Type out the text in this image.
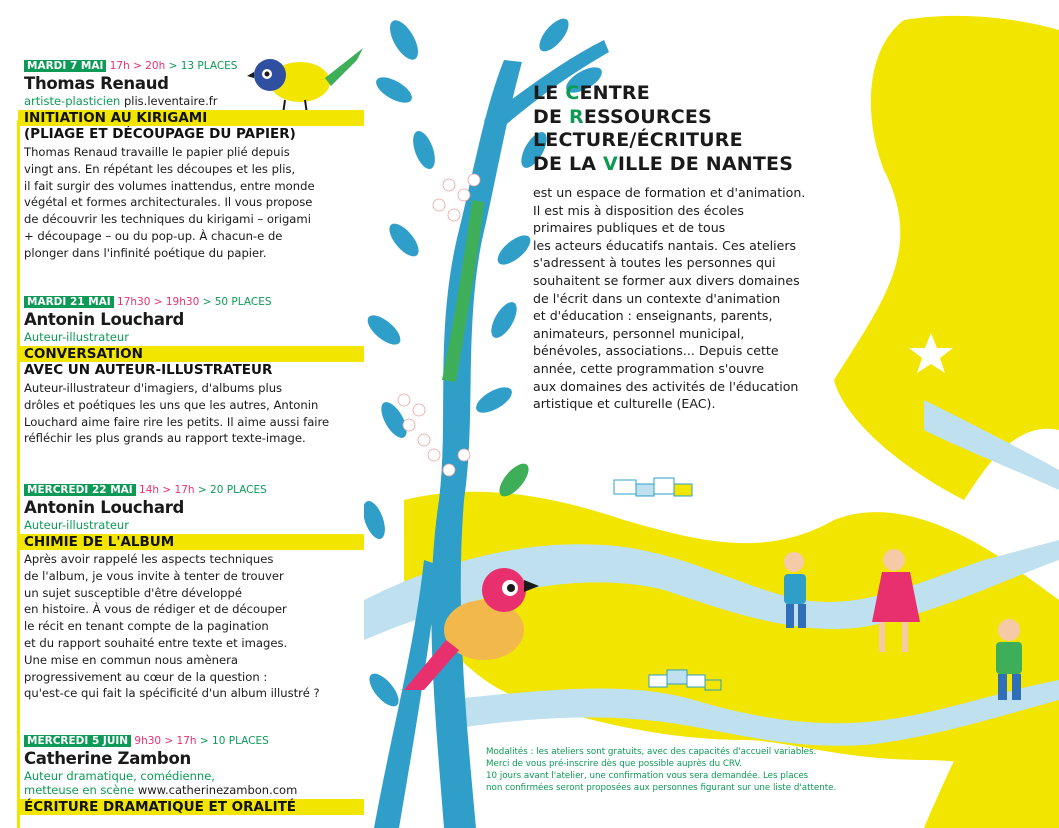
MARDI 7 MAI 17h > 20h > 13 PLACES
Thomas Renaud
artiste-plasticien plis.leventaire.fr
INITIATION AU KIRIGAMI
(PLIAGE ET DÉCOUPAGE DU PAPIER)
Thomas Renaud travaille le papier plié depuis
vingt ans. En répétant les découpes et les plis,
il fait surgir des volumes inattendus, entre monde
végétal et formes architecturales. Il vous propose
de découvrir les techniques du kirigami – origami
+ découpage – ou du pop-up. À chacun-e de
plonger dans l'infinité poétique du papier.
MARDI 21 MAI 17h30 > 19h30 > 50 PLACES
Antonin Louchard
Auteur-illustrateur
CONVERSATION
AVEC UN AUTEUR-ILLUSTRATEUR
Auteur-illustrateur d'imagiers, d'albums plus
drôles et poétiques les uns que les autres, Antonin
Louchard aime faire rire les petits. Il aime aussi faire
réfléchir les plus grands au rapport texte-image.
MERCREDI 22 MAI 14h > 17h > 20 PLACES
Antonin Louchard
Auteur-illustrateur
CHIMIE DE L'ALBUM
Après avoir rappelé les aspects techniques
de l'album, je vous invite à tenter de trouver
un sujet susceptible d'être développé
en histoire. À vous de rédiger et de découper
le récit en tenant compte de la pagination
et du rapport souhaité entre texte et images.
Une mise en commun nous amènera
progressivement au cœur de la question :
qu'est-ce qui fait la spécificité d'un album illustré ?
MERCREDI 5 JUIN 9h30 > 17h > 10 PLACES
Catherine Zambon
Auteur dramatique, comédienne,
metteuse en scène www.catherinezambon.com
ÉCRITURE DRAMATIQUE ET ORALITÉ
LE CENTRE
DE RESSOURCES
LECTURE/ÉCRITURE
DE LA VILLE DE NANTES
est un espace de formation et d'animation.
Il est mis à disposition des écoles
primaires publiques et de tous
les acteurs éducatifs nantais. Ces ateliers
s'adressent à toutes les personnes qui
souhaitent se former aux divers domaines
de l'écrit dans un contexte d'animation
et d'éducation : enseignants, parents,
animateurs, personnel municipal,
bénévoles, associations... Depuis cette
année, cette programmation s'ouvre
aux domaines des activités de l'éducation
artistique et culturelle (EAC).
Modalités : les ateliers sont gratuits, avec des capacités d'accueil variables.
Merci de vous pré-inscrire dès que possible auprès du CRV.
10 jours avant l'atelier, une confirmation vous sera demandée. Les places
non confirmées seront proposées aux personnes figurant sur une liste d'attente.
